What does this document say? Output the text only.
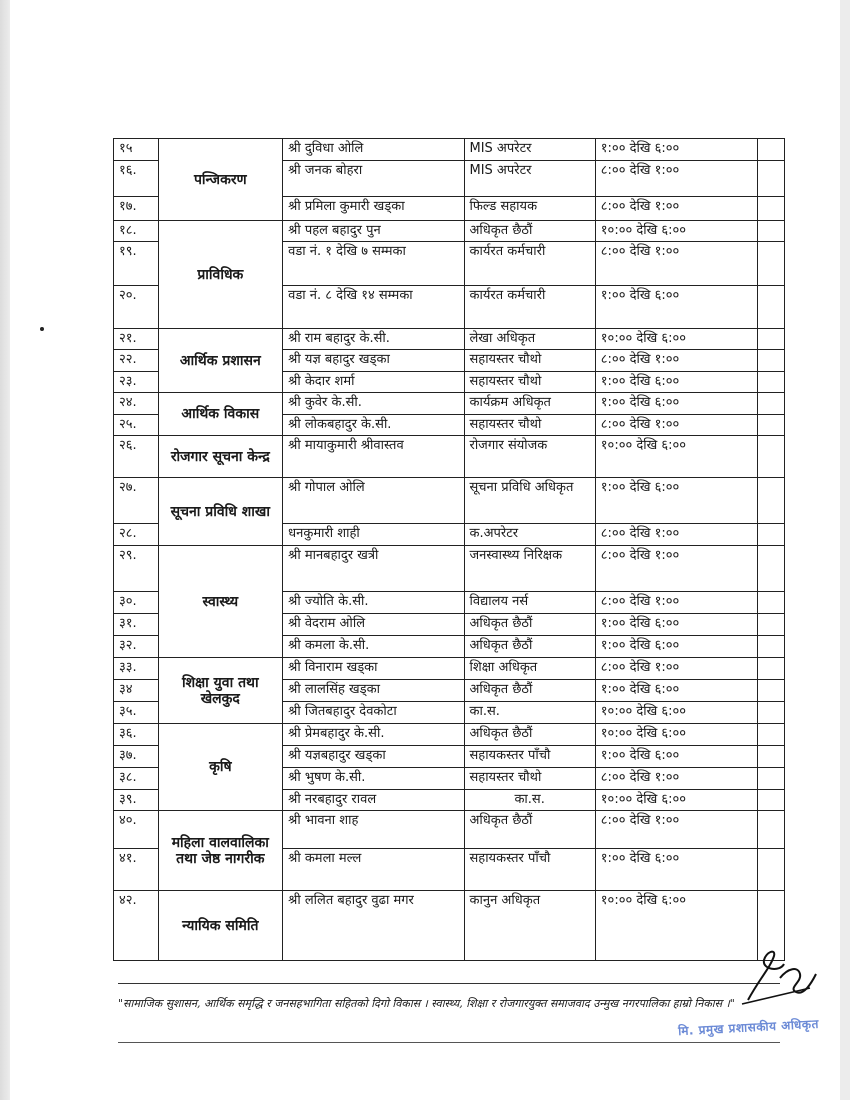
१५	पन्जिकरण	श्री दुविधा ओलि	MIS अपरेटर	१:०० देखि ६:००	
१६.		श्री जनक बोहरा	MIS अपरेटर	८:०० देखि १:००	
१७.		श्री प्रमिला कुमारी खड्का	फिल्ड सहायक	८:०० देखि १:००	
१८.	प्राविधिक	श्री पहल बहादुर पुन	अधिकृत छैठौं	१०:०० देखि ६:००	
१९.		वडा नं. १ देखि ७ सम्मका	कार्यरत कर्मचारी	८:०० देखि १:००	
२०.		वडा नं. ८ देखि १४ सम्मका	कार्यरत कर्मचारी	१:०० देखि ६:००	
२१.	आर्थिक प्रशासन	श्री राम बहादुर के.सी.	लेखा अधिकृत	१०:०० देखि ६:००	
२२.		श्री यज्ञ बहादुर खड्का	सहायस्तर चौथो	८:०० देखि १:००	
२३.		श्री केदार शर्मा	सहायस्तर चौथो	१:०० देखि ६:००	
२४.	आर्थिक विकास	श्री कुवेर के.सी.	कार्यक्रम अधिकृत	१:०० देखि ६:००	
२५.		श्री लोकबहादुर के.सी.	सहायस्तर चौथो	८:०० देखि १:००	
२६.	रोजगार सूचना केन्द्र	श्री मायाकुमारी श्रीवास्तव	रोजगार संयोजक	१०:०० देखि ६:००	
२७.	सूचना प्रविधि शाखा	श्री गोपाल ओलि	सूचना प्रविधि अधिकृत	१:०० देखि ६:००	
२८.		धनकुमारी शाही	क.अपरेटर	८:०० देखि १:००	
२९.	स्वास्थ्य	श्री मानबहादुर खत्री	जनस्वास्थ्य निरिक्षक	८:०० देखि १:००	
३०.		श्री ज्योति के.सी.	विद्यालय नर्स	८:०० देखि १:००	
३१.		श्री वेदराम ओलि	अधिकृत छैठौं	१:०० देखि ६:००	
३२.		श्री कमला के.सी.	अधिकृत छैठौं	१:०० देखि ६:००	
३३.	शिक्षा युवा तथा खेलकुद	श्री विनाराम खड्का	शिक्षा अधिकृत	८:०० देखि १:००	
३४		श्री लालसिंह खड्का	अधिकृत छैठौं	१:०० देखि ६:००	
३५.		श्री जितबहादुर देवकोटा	का.स.	१०:०० देखि ६:००	
३६.	कृषि	श्री प्रेमबहादुर के.सी.	अधिकृत छैठौं	१०:०० देखि ६:००	
३७.		श्री यज्ञबहादुर खड्का	सहायकस्तर पाँचौ	१:०० देखि ६:००	
३८.		श्री भुषण के.सी.	सहायस्तर चौथो	८:०० देखि १:००	
३९.		श्री नरबहादुर रावल	का.स.	१०:०० देखि ६:००	
४०.	महिला वालवालिका तथा जेष्ठ नागरीक	श्री भावना शाह	अधिकृत छैठौं	८:०० देखि १:००	
४१.		श्री कमला मल्ल	सहायकस्तर पाँचौ	१:०० देखि ६:००	
४२.	न्यायिक समिति	श्री ललित बहादुर वुढा मगर	कानुन अधिकृत	१०:०० देखि ६:००	
"सामाजिक सुशासन, आर्थिक समृद्धि र जनसहभागिता सहितको दिगो विकास । स्वास्थ्य, शिक्षा र रोजगारयुक्त समाजवाद उन्मुख नगरपालिका हाम्रो निकास ।"
मि. प्रमुख प्रशासकीय अधिकृत
